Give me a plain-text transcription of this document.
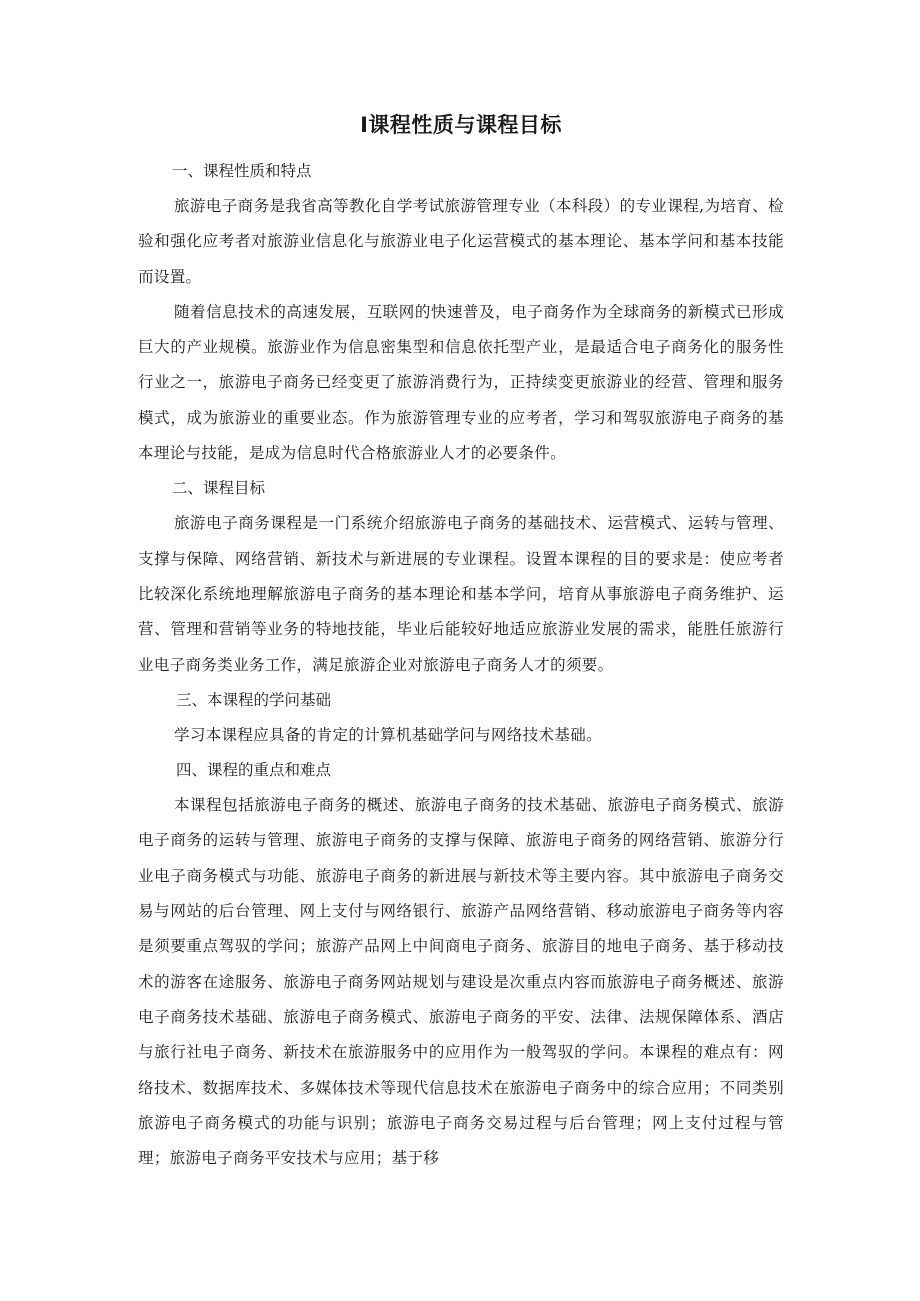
I课程性质与课程目标

一、课程性质和特点

旅游电子商务是我省高等教化自学考试旅游管理专业（本科段）的专业课程,为培育、检验和强化应考者对旅游业信息化与旅游业电子化运营模式的基本理论、基本学问和基本技能而设置。

随着信息技术的高速发展，互联网的快速普及，电子商务作为全球商务的新模式已形成巨大的产业规模。旅游业作为信息密集型和信息依托型产业，是最适合电子商务化的服务性行业之一，旅游电子商务已经变更了旅游消费行为，正持续变更旅游业的经营、管理和服务模式，成为旅游业的重要业态。作为旅游管理专业的应考者，学习和驾驭旅游电子商务的基本理论与技能，是成为信息时代合格旅游业人才的必要条件。

二、课程目标

旅游电子商务课程是一门系统介绍旅游电子商务的基础技术、运营模式、运转与管理、支撑与保障、网络营销、新技术与新进展的专业课程。设置本课程的目的要求是：使应考者比较深化系统地理解旅游电子商务的基本理论和基本学问，培育从事旅游电子商务维护、运营、管理和营销等业务的特地技能，毕业后能较好地适应旅游业发展的需求，能胜任旅游行业电子商务类业务工作，满足旅游企业对旅游电子商务人才的须要。

三、本课程的学问基础

学习本课程应具备的肯定的计算机基础学问与网络技术基础。

四、课程的重点和难点

本课程包括旅游电子商务的概述、旅游电子商务的技术基础、旅游电子商务模式、旅游电子商务的运转与管理、旅游电子商务的支撑与保障、旅游电子商务的网络营销、旅游分行业电子商务模式与功能、旅游电子商务的新进展与新技术等主要内容。其中旅游电子商务交易与网站的后台管理、网上支付与网络银行、旅游产品网络营销、移动旅游电子商务等内容是须要重点驾驭的学问；旅游产品网上中间商电子商务、旅游目的地电子商务、基于移动技术的游客在途服务、旅游电子商务网站规划与建设是次重点内容而旅游电子商务概述、旅游电子商务技术基础、旅游电子商务模式、旅游电子商务的平安、法律、法规保障体系、酒店与旅行社电子商务、新技术在旅游服务中的应用作为一般驾驭的学问。本课程的难点有：网络技术、数据库技术、多媒体技术等现代信息技术在旅游电子商务中的综合应用；不同类别旅游电子商务模式的功能与识别；旅游电子商务交易过程与后台管理；网上支付过程与管理；旅游电子商务平安技术与应用；基于移
